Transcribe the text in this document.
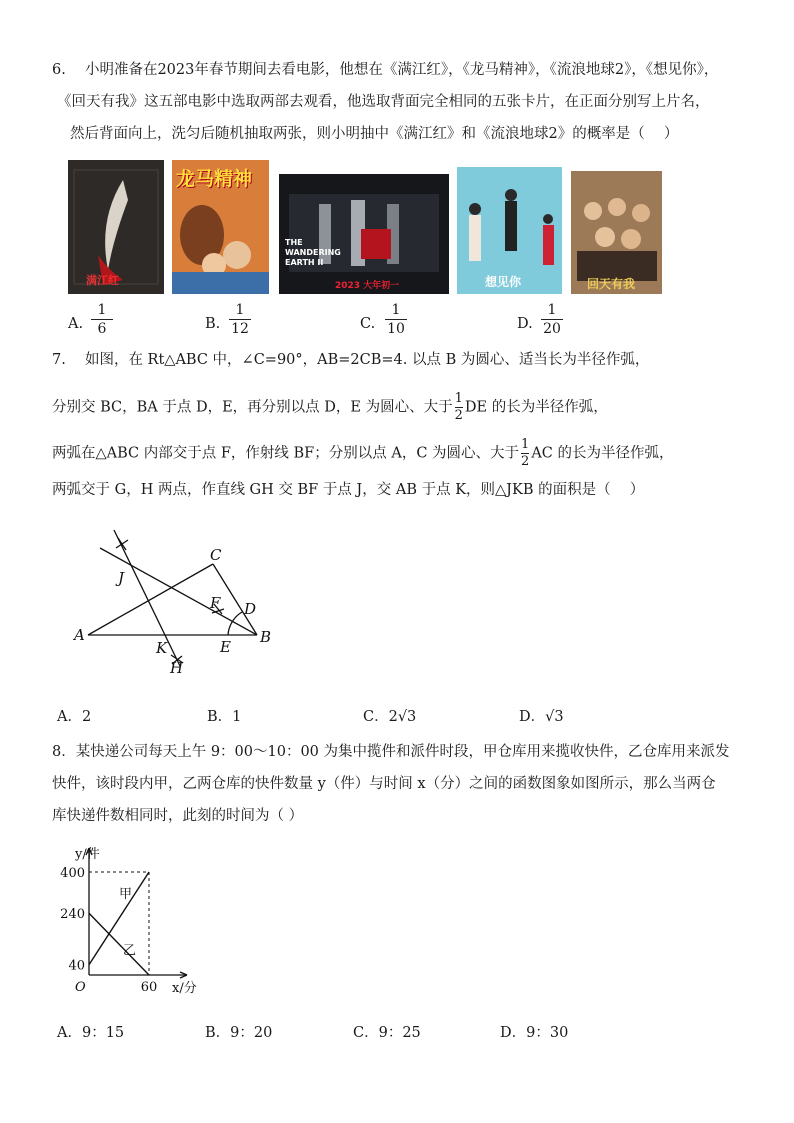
6.　 小明准备在2023年春节期间去看电影，他想在《满江红》，《龙马精神》，《流浪地球2》，《想见你》，
《回天有我》这五部电影中选取两部去观看，他选取背面完全相同的五张卡片，在正面分别写上片名，
然后背面向上，洗匀后随机抽取两张，则小明抽中《满江红》和《流浪地球2》的概率是（　 ）
满江红
龙马精神
THE WANDERING EARTH II
2023 大年初一	想见你	回天有我
A.
1
6	B.
1
12	C.
1
10	D.
1
20
7.　 如图，在 Rt△ABC 中，∠C=90°，AB=2CB=4. 以点 B 为圆心、适当长为半径作弧，
分别交 BC，BA 于点 D，E，再分别以点 D，E 为圆心、大于 $\frac{1}{2}$ DE 的长为半径作弧，
两弧在△ABC 内部交于点 F，作射线 BF；分别以点 A，C 为圆心、大于 $\frac{1}{2}$ AC 的长为半径作弧，
两弧交于 G，H 两点，作直线 GH 交 BF 于点 J，交 AB 于点 K，则△JKB 的面积是（　 ）
A	B
C
D
E
F
J
K
H
A．2	B．1	C．2√3	D．√3
8．某快递公司每天上午 9：00～10：00 为集中揽件和派件时段，甲仓库用来揽收快件，乙仓库用来派发
快件，该时段内甲，乙两仓库的快件数量 y（件）与时间 x（分）之间的函数图象如图所示，那么当两仓
库快递件数相同时，此刻的时间为（ ）
甲
乙
40
240
400
60
y/件
x/分
O
A．9：15	B．9：20	C．9：25	D．9：30
